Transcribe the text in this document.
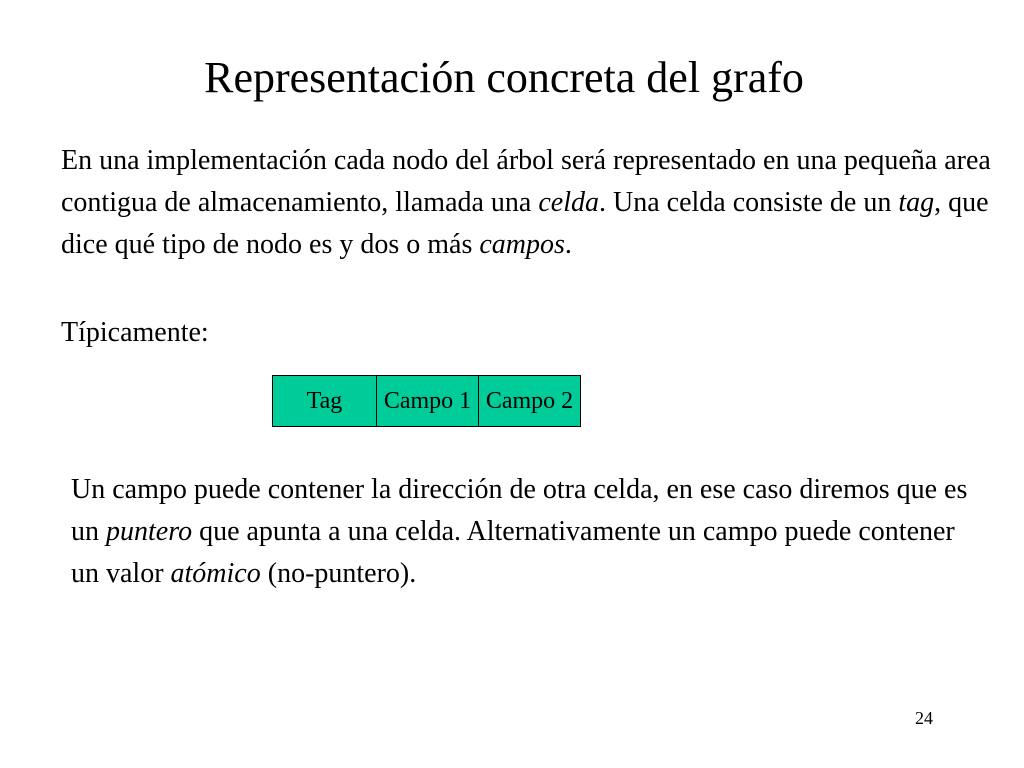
Representación concreta del grafo

En una implementación cada nodo del árbol será representado en una pequeña area contigua de almacenamiento, llamada una celda. Una celda consiste de un tag, que dice qué tipo de nodo es y dos o más campos.

Típicamente:

Tag	Campo 1 Campo 2

Un campo puede contener la dirección de otra celda, en ese caso diremos que es un puntero que apunta a una celda. Alternativamente un campo puede contener un valor atómico (no-puntero).

24
